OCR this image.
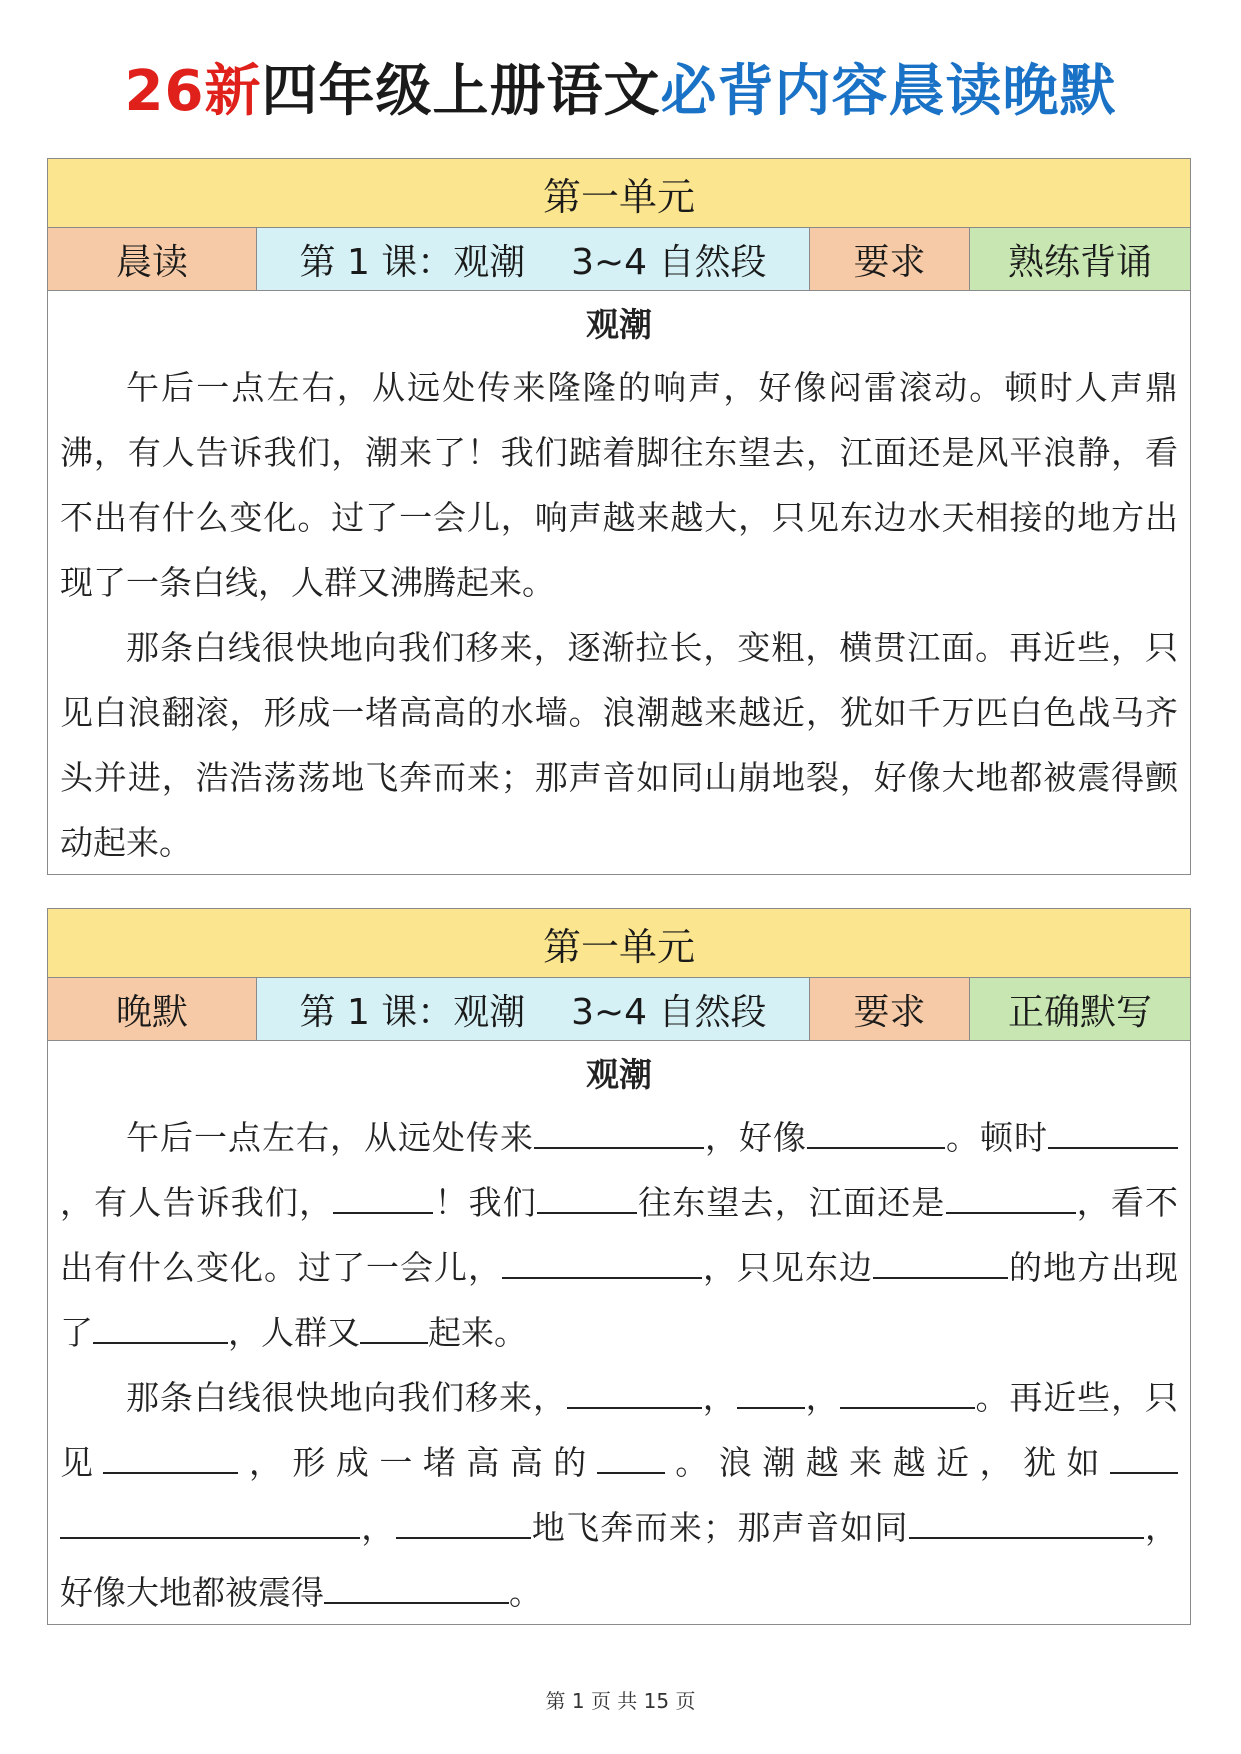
26新四年级上册语文必背内容晨读晚默
第一单元
晨读	第 1 课：观潮    3~4 自然段	要求	熟练背诵
观潮

午后一点左右，从远处传来隆隆的响声，好像闷雷滚动。顿时人声鼎沸，有人告诉我们，潮来了！我们踮着脚往东望去，江面还是风平浪静，看不出有什么变化。过了一会儿，响声越来越大，只见东边水天相接的地方出现了一条白线，人群又沸腾起来。

那条白线很快地向我们移来，逐渐拉长，变粗，横贯江面。再近些，只见白浪翻滚，形成一堵高高的水墙。浪潮越来越近，犹如千万匹白色战马齐头并进，浩浩荡荡地飞奔而来；那声音如同山崩地裂，好像大地都被震得颤动起来。

第一单元
晚默	第 1 课：观潮    3~4 自然段	要求	正确默写
观潮

午后一点左右，从远处传来	，好像	。顿时，有人告诉我们，	！我们	往东望去，江面还是	，看不出有什么变化。过了一会儿，	，只见东边	的地方出现了	，人群又 起来。

那条白线很快地向我们移来，	， ，	。再近些，只见	，形成一堵高高的 。浪潮越来越近，犹如，	地飞奔而来；那声音如同	，好像大地都被震得	。

第 1 页 共 15 页
